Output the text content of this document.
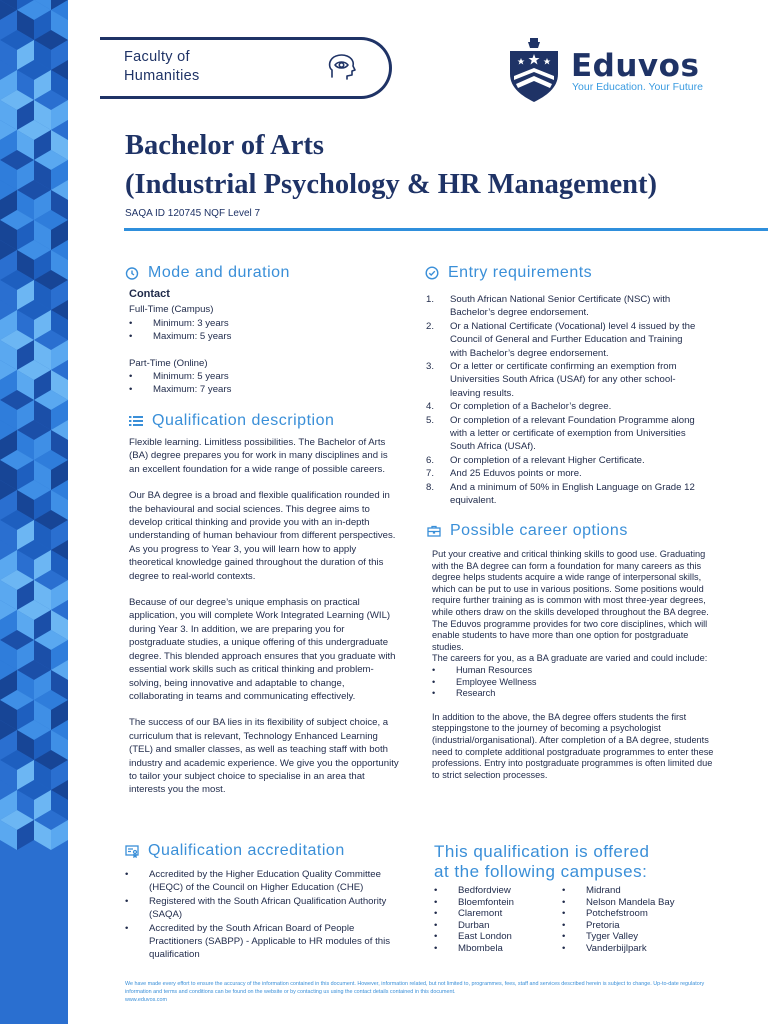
Faculty of
Humanities	Eduvos
Your Education. Your Future
Bachelor of Arts
(Industrial Psychology & HR Management)
SAQA ID 120745 NQF Level 7
Mode and duration
Contact

Full-Time (Campus)

•	Minimum: 3 years
•	Maximum: 5 years

Part-Time (Online)

•	Minimum: 5 years
•	Maximum: 7 years
Qualification description

Flexible learning. Limitless possibilities. The Bachelor of Arts (BA) degree prepares you for work in many disciplines and is an excellent foundation for a wide range of possible careers.

Our BA degree is a broad and flexible qualification rounded in the behavioural and social sciences. This degree aims to develop critical thinking and provide you with an in-depth understanding of human behaviour from different perspectives. As you progress to Year 3, you will learn how to apply theoretical knowledge gained throughout the duration of this degree to real-world contexts.

Because of our degree’s unique emphasis on practical application, you will complete Work Integrated Learning (WIL) during Year 3. In addition, we are preparing you for postgraduate studies, a unique offering of this undergraduate degree. This blended approach ensures that you graduate with essential work skills such as critical thinking and problem-solving, being innovative and adaptable to change, collaborating in teams and communicating effectively.

The success of our BA lies in its flexibility of subject choice, a curriculum that is relevant, Technology Enhanced Learning (TEL) and smaller classes, as well as teaching staff with both industry and academic experience. We give you the opportunity to tailor your subject choice to specialise in an area that interests you the most.

Qualification accreditation
•	Accredited by the Higher Education Quality Committee (HEQC) of the Council on Higher Education (CHE)
•	Registered with the South African Qualification Authority (SAQA)
•	Accredited by the South African Board of People Practitioners (SABPP) - Applicable to HR modules of this qualification
Entry requirements
1.	South African National Senior Certificate (NSC) with Bachelor’s degree endorsement.
2.	Or a National Certificate (Vocational) level 4 issued by the Council of General and Further Education and Training with Bachelor’s degree endorsement.
3.	Or a letter or certificate confirming an exemption from Universities South Africa (USAf) for any other school-leaving results.
4.	Or completion of a Bachelor’s degree.
5.	Or completion of a relevant Foundation Programme along with a letter or certificate of exemption from Universities South Africa (USAf).
6.	Or completion of a relevant Higher Certificate.
7.	And 25 Eduvos points or more.
8.	And a minimum of 50% in English Language on Grade 12 equivalent.
Possible career options

Put your creative and critical thinking skills to good use. Graduating with the BA degree can form a foundation for many careers as this degree helps students acquire a wide range of interpersonal skills, which can be put to use in various positions. Some positions would require further training as is common with most three-year degrees, while others draw on the skills developed throughout the BA degree. The Eduvos programme provides for two core disciplines, which will enable students to have more than one option for postgraduate studies.

The careers for you, as a BA graduate are varied and could include:

•	Human Resources
•	Employee Wellness
•	Research

In addition to the above, the BA degree offers students the first steppingstone to the journey of becoming a psychologist (industrial/organisational). After completion of a BA degree, students need to complete additional postgraduate programmes to enter these professions. Entry into postgraduate programmes is often limited due to strict selection processes.

This qualification is offered
at the following campuses:
•	Bedfordview
•	Bloemfontein
•	Claremont
•	Durban
•	East London
•	Mbombela
•	Midrand
•	Nelson Mandela Bay
•	Potchefstroom
•	Pretoria
•	Tyger Valley
•	Vanderbijlpark
We have made every effort to ensure the accuracy of the information contained in this document. However, information related, but not limited to, programmes, fees, staff and services described herein is subject to change. Up-to-date regulatory information and terms and conditions can be found on the website or by contacting us using the contact details contained in this document.
www.eduvos.com
